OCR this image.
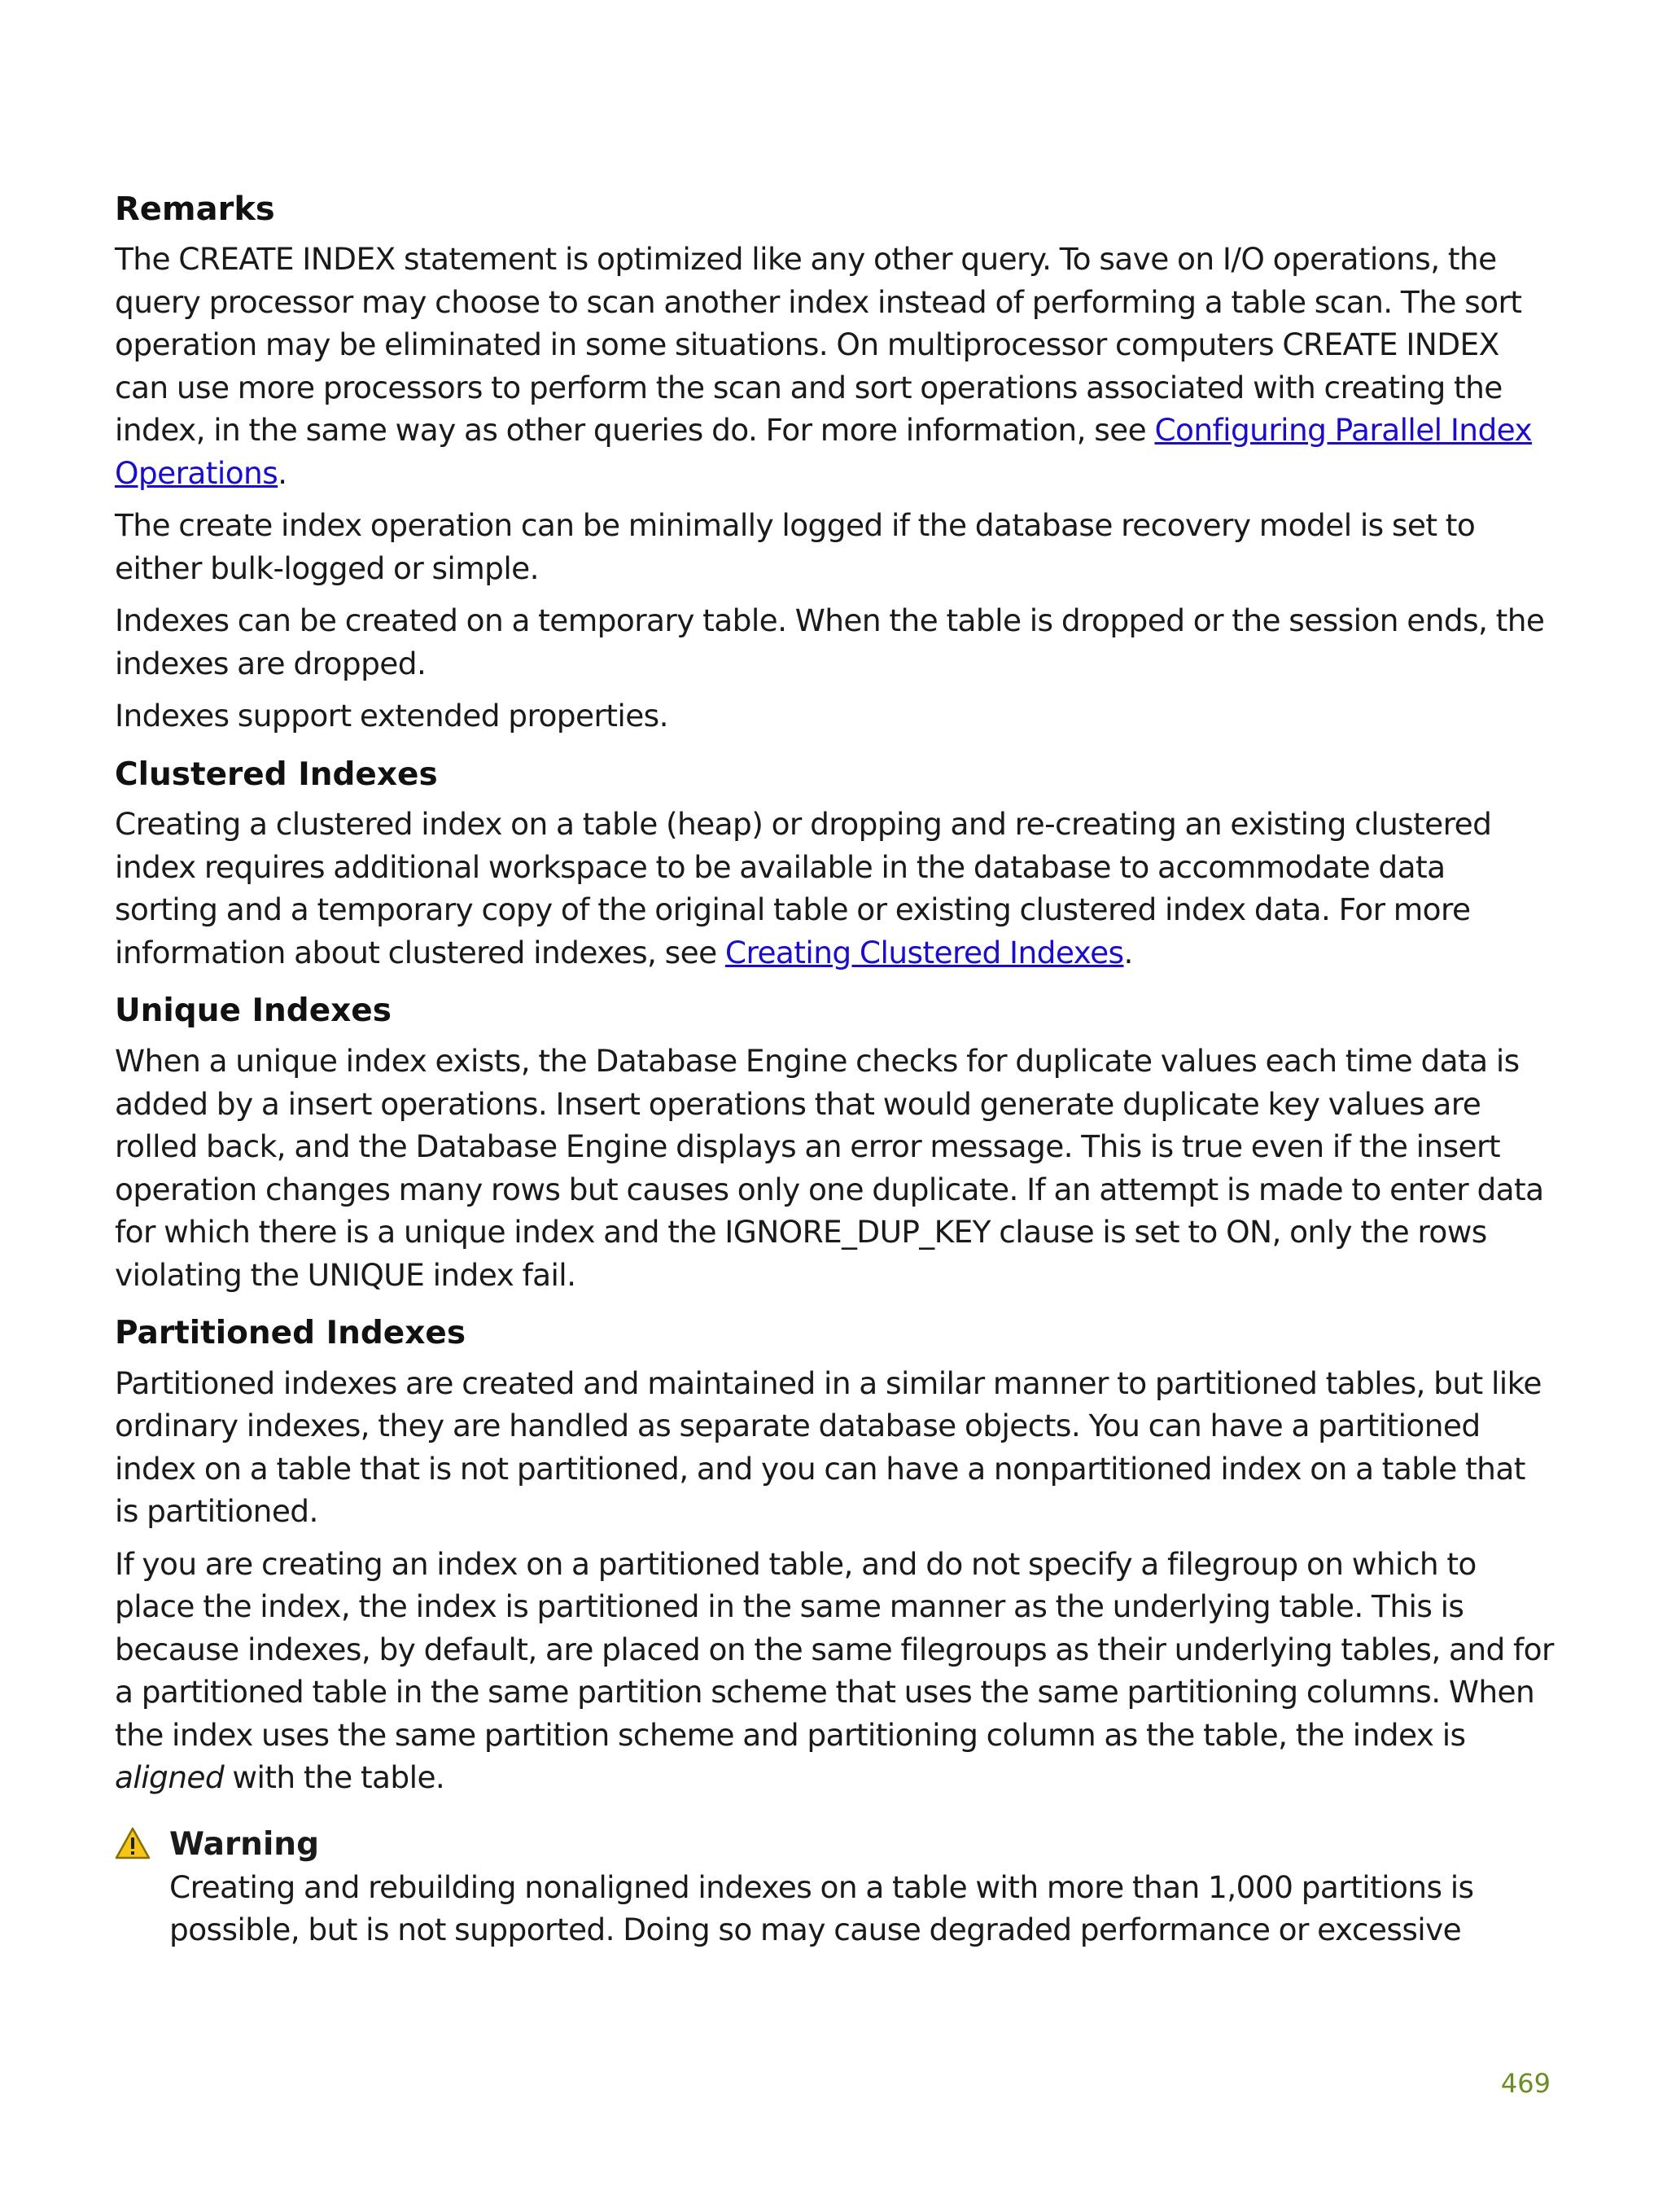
Remarks

The CREATE INDEX statement is optimized like any other query. To save on I/O operations, the query processor may choose to scan another index instead of performing a table scan. The sort operation may be eliminated in some situations. On multiprocessor computers CREATE INDEX can use more processors to perform the scan and sort operations associated with creating the index, in the same way as other queries do. For more information, see Configuring Parallel Index Operations.

The create index operation can be minimally logged if the database recovery model is set to either bulk-logged or simple.

Indexes can be created on a temporary table. When the table is dropped or the session ends, the indexes are dropped.

Indexes support extended properties.

Clustered Indexes

Creating a clustered index on a table (heap) or dropping and re-creating an existing clustered index requires additional workspace to be available in the database to accommodate data sorting and a temporary copy of the original table or existing clustered index data. For more information about clustered indexes, see Creating Clustered Indexes.

Unique Indexes

When a unique index exists, the Database Engine checks for duplicate values each time data is added by a insert operations. Insert operations that would generate duplicate key values are rolled back, and the Database Engine displays an error message. This is true even if the insert operation changes many rows but causes only one duplicate. If an attempt is made to enter data for which there is a unique index and the IGNORE_DUP_KEY clause is set to ON, only the rows violating the UNIQUE index fail.

Partitioned Indexes

Partitioned indexes are created and maintained in a similar manner to partitioned tables, but like ordinary indexes, they are handled as separate database objects. You can have a partitioned index on a table that is not partitioned, and you can have a nonpartitioned index on a table that is partitioned.

If you are creating an index on a partitioned table, and do not specify a filegroup on which to place the index, the index is partitioned in the same manner as the underlying table. This is because indexes, by default, are placed on the same filegroups as their underlying tables, and for a partitioned table in the same partition scheme that uses the same partitioning columns. When the index uses the same partition scheme and partitioning column as the table, the index is aligned with the table.

Warning

Creating and rebuilding nonaligned indexes on a table with more than 1,000 partitions is possible, but is not supported. Doing so may cause degraded performance or excessive

469
